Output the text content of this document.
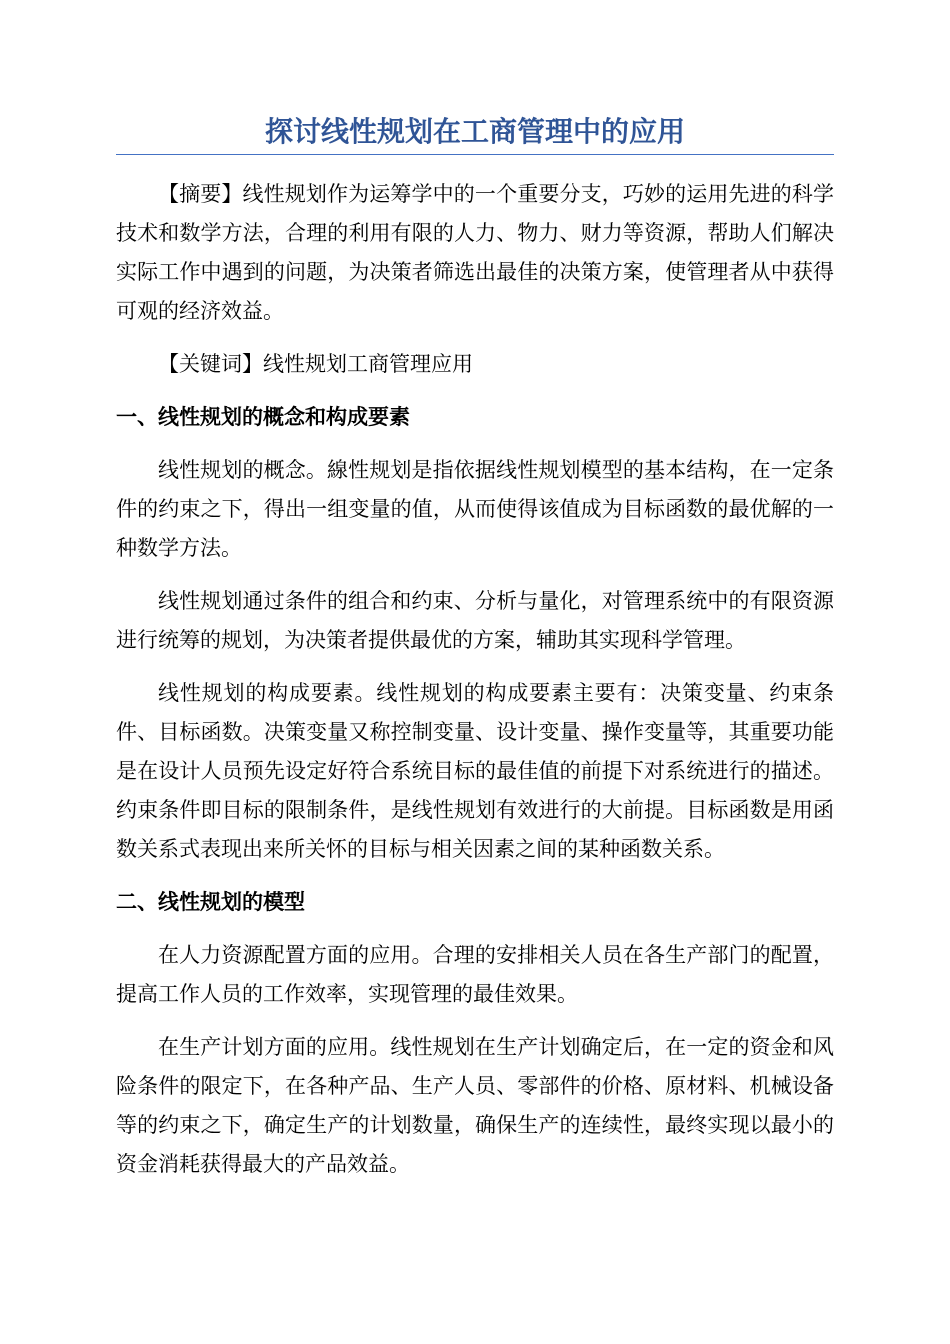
探讨线性规划在工商管理中的应用

【摘要】线性规划作为运筹学中的一个重要分支，巧妙的运用先进的科学技术和数学方法，合理的利用有限的人力、物力、财力等资源，帮助人们解决实际工作中遇到的问题，为决策者筛选出最佳的决策方案，使管理者从中获得可观的经济效益。

【关键词】线性规划工商管理应用

一、线性规划的概念和构成要素

线性规划的概念。線性规划是指依据线性规划模型的基本结构，在一定条件的约束之下，得出一组变量的值，从而使得该值成为目标函数的最优解的一种数学方法。

线性规划通过条件的组合和约束、分析与量化，对管理系统中的有限资源进行统筹的规划，为决策者提供最优的方案，辅助其实现科学管理。

线性规划的构成要素。线性规划的构成要素主要有：决策变量、约束条件、目标函数。决策变量又称控制变量、设计变量、操作变量等，其重要功能是在设计人员预先设定好符合系统目标的最佳值的前提下对系统进行的描述。约束条件即目标的限制条件，是线性规划有效进行的大前提。目标函数是用函数关系式表现出来所关怀的目标与相关因素之间的某种函数关系。

二、线性规划的模型

在人力资源配置方面的应用。合理的安排相关人员在各生产部门的配置，提高工作人员的工作效率，实现管理的最佳效果。

在生产计划方面的应用。线性规划在生产计划确定后，在一定的资金和风险条件的限定下，在各种产品、生产人员、零部件的价格、原材料、机械设备等的约束之下，确定生产的计划数量，确保生产的连续性，最终实现以最小的资金消耗获得最大的产品效益。
